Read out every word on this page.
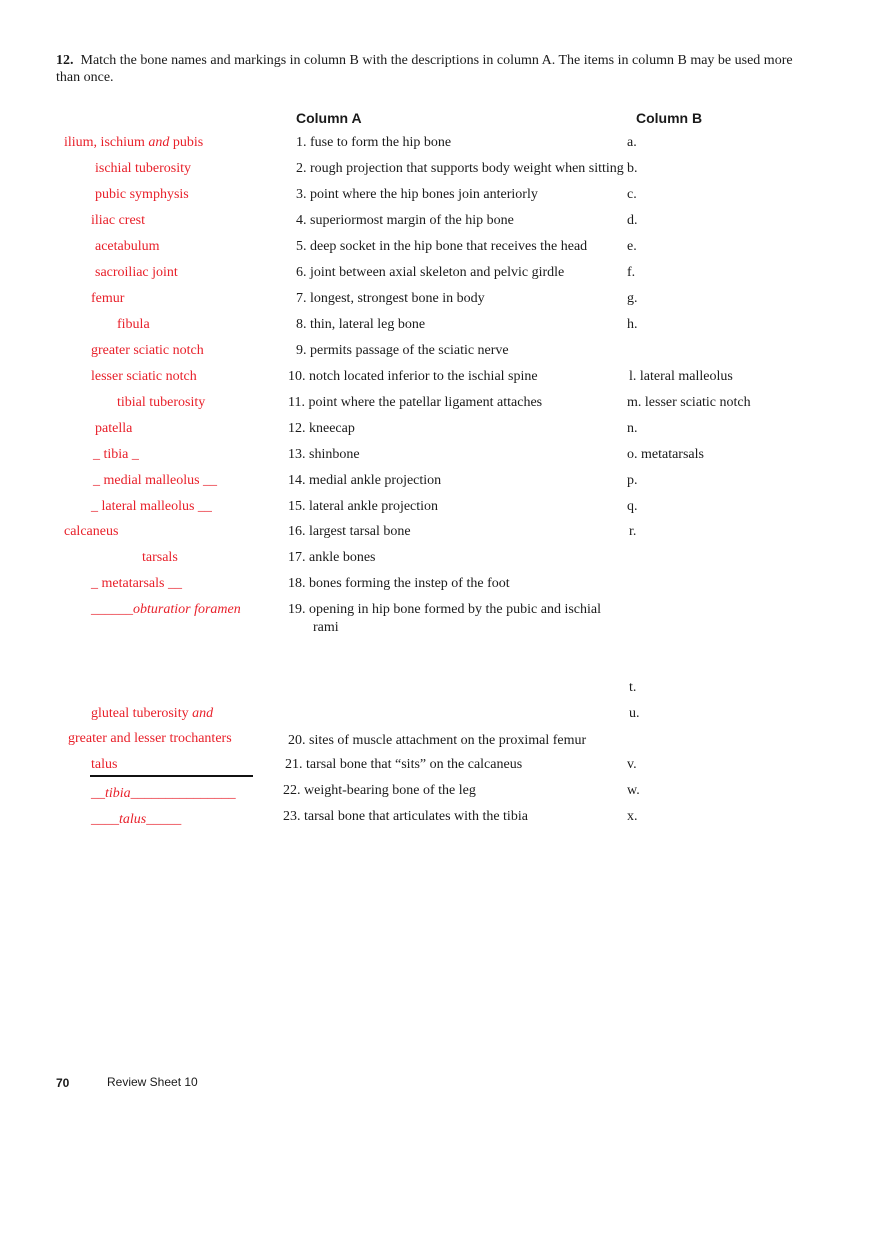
12. Match the bone names and markings in column B with the descriptions in column A. The items in column B may be used more than once.
Column A	Column B
ilium, ischium and pubis
ischial tuberosity
pubic symphysis
iliac crest
acetabulum
sacroiliac joint
femur
fibula
greater sciatic notch
lesser sciatic notch
tibial tuberosity
patella
_ tibia _
_ medial malleolus __
_ lateral malleolus __
calcaneus
tarsals
_ metatarsals __
______obturatior foramen
gluteal tuberosity and
greater and lesser trochanters
talus
__tibia_______________
____talus_____
1. fuse to form the hip bone
2. rough projection that supports body weight when sitting
3. point where the hip bones join anteriorly
4. superiormost margin of the hip bone
5. deep socket in the hip bone that receives the head
6. joint between axial skeleton and pelvic girdle
7. longest, strongest bone in body
8. thin, lateral leg bone
9. permits passage of the sciatic nerve
10. notch located inferior to the ischial spine
11. point where the patellar ligament attaches
12. kneecap
13. shinbone
14. medial ankle projection
15. lateral ankle projection
16. largest tarsal bone
17. ankle bones
18. bones forming the instep of the foot
19. opening in hip bone formed by the pubic and ischial
rami
20. sites of muscle attachment on the proximal femur
21. tarsal bone that “sits” on the calcaneus
22. weight-bearing bone of the leg
23. tarsal bone that articulates with the tibia
a.
b.
c.
d.
e.
f.
g.
h.
l. lateral malleolus
m. lesser sciatic notch
n.
o. metatarsals
p.
q.
r.
t.
u.
v.
w.
x.
70	Review Sheet 10
